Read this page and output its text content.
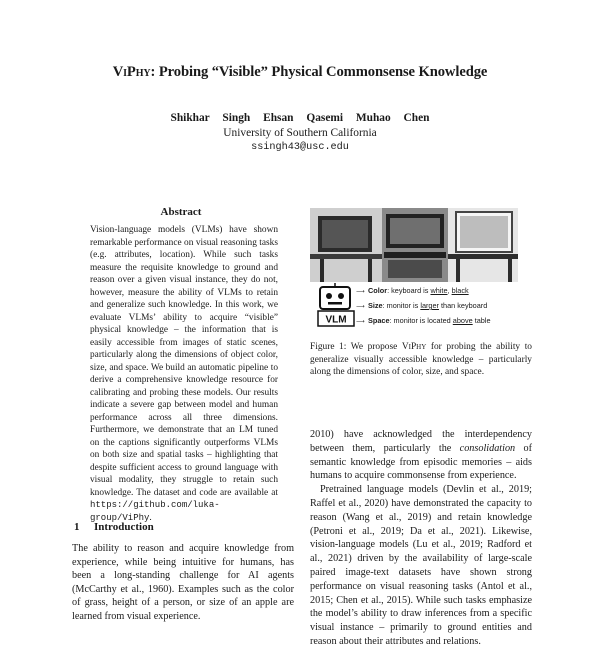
ViPhy: Probing “Visible” Physical Commonsense Knowledge
Shikhar Singh Ehsan Qasemi Muhao Chen
University of Southern California
ssingh43@usc.edu
Abstract

Vision-language models (VLMs) have shown remarkable performance on visual reasoning tasks (e.g. attributes, location). While such tasks measure the requisite knowledge to ground and reason over a given visual instance, they do not, however, measure the ability of VLMs to retain and generalize such knowledge. In this work, we evaluate VLMs’ ability to acquire “visible” physical knowledge – the information that is easily accessible from images of static scenes, particularly along the dimensions of object color, size, and space. We build an automatic pipeline to derive a comprehensive knowledge resource for calibrating and probing these models. Our results indicate a severe gap between model and human performance across all three dimensions. Furthermore, we demonstrate that an LM tuned on the captions significantly outperforms VLMs on both size and spatial tasks – highlighting that despite sufficient access to ground language with visual modality, they struggle to retain such knowledge. The dataset and code are available at https://github.com/luka-group/ViPhy.

1 Introduction

The ability to reason and acquire knowledge from experience, while being intuitive for humans, has been a long-standing challenge for AI agents (McCarthy et al., 1960). Examples such as the color of grass, height of a person, or size of an apple are learned from visual experience.

VLM
⟶ Color: keyboard is white, black
⟶ Size: monitor is larger than keyboard
⟶ Space: monitor is located above table

Figure 1: We propose ViPhy for probing the ability to generalize visually accessible knowledge – particularly along the dimensions of color, size, and space.

2010) have acknowledged the interdependency between them, particularly the consolidation of semantic knowledge from episodic memories – aids humans to acquire commonsense from experience.

Pretrained language models (Devlin et al., 2019; Raffel et al., 2020) have demonstrated the capacity to reason (Wang et al., 2019) and retain knowledge (Petroni et al., 2019; Da et al., 2021). Likewise, vision-language models (Lu et al., 2019; Radford et al., 2021) driven by the availability of large-scale paired image-text datasets have shown strong performance on visual reasoning tasks (Antol et al., 2015; Chen et al., 2015). While such tasks emphasize the model’s ability to draw inferences from a specific visual instance – primarily to ground entities and reason about their attributes and relations.
